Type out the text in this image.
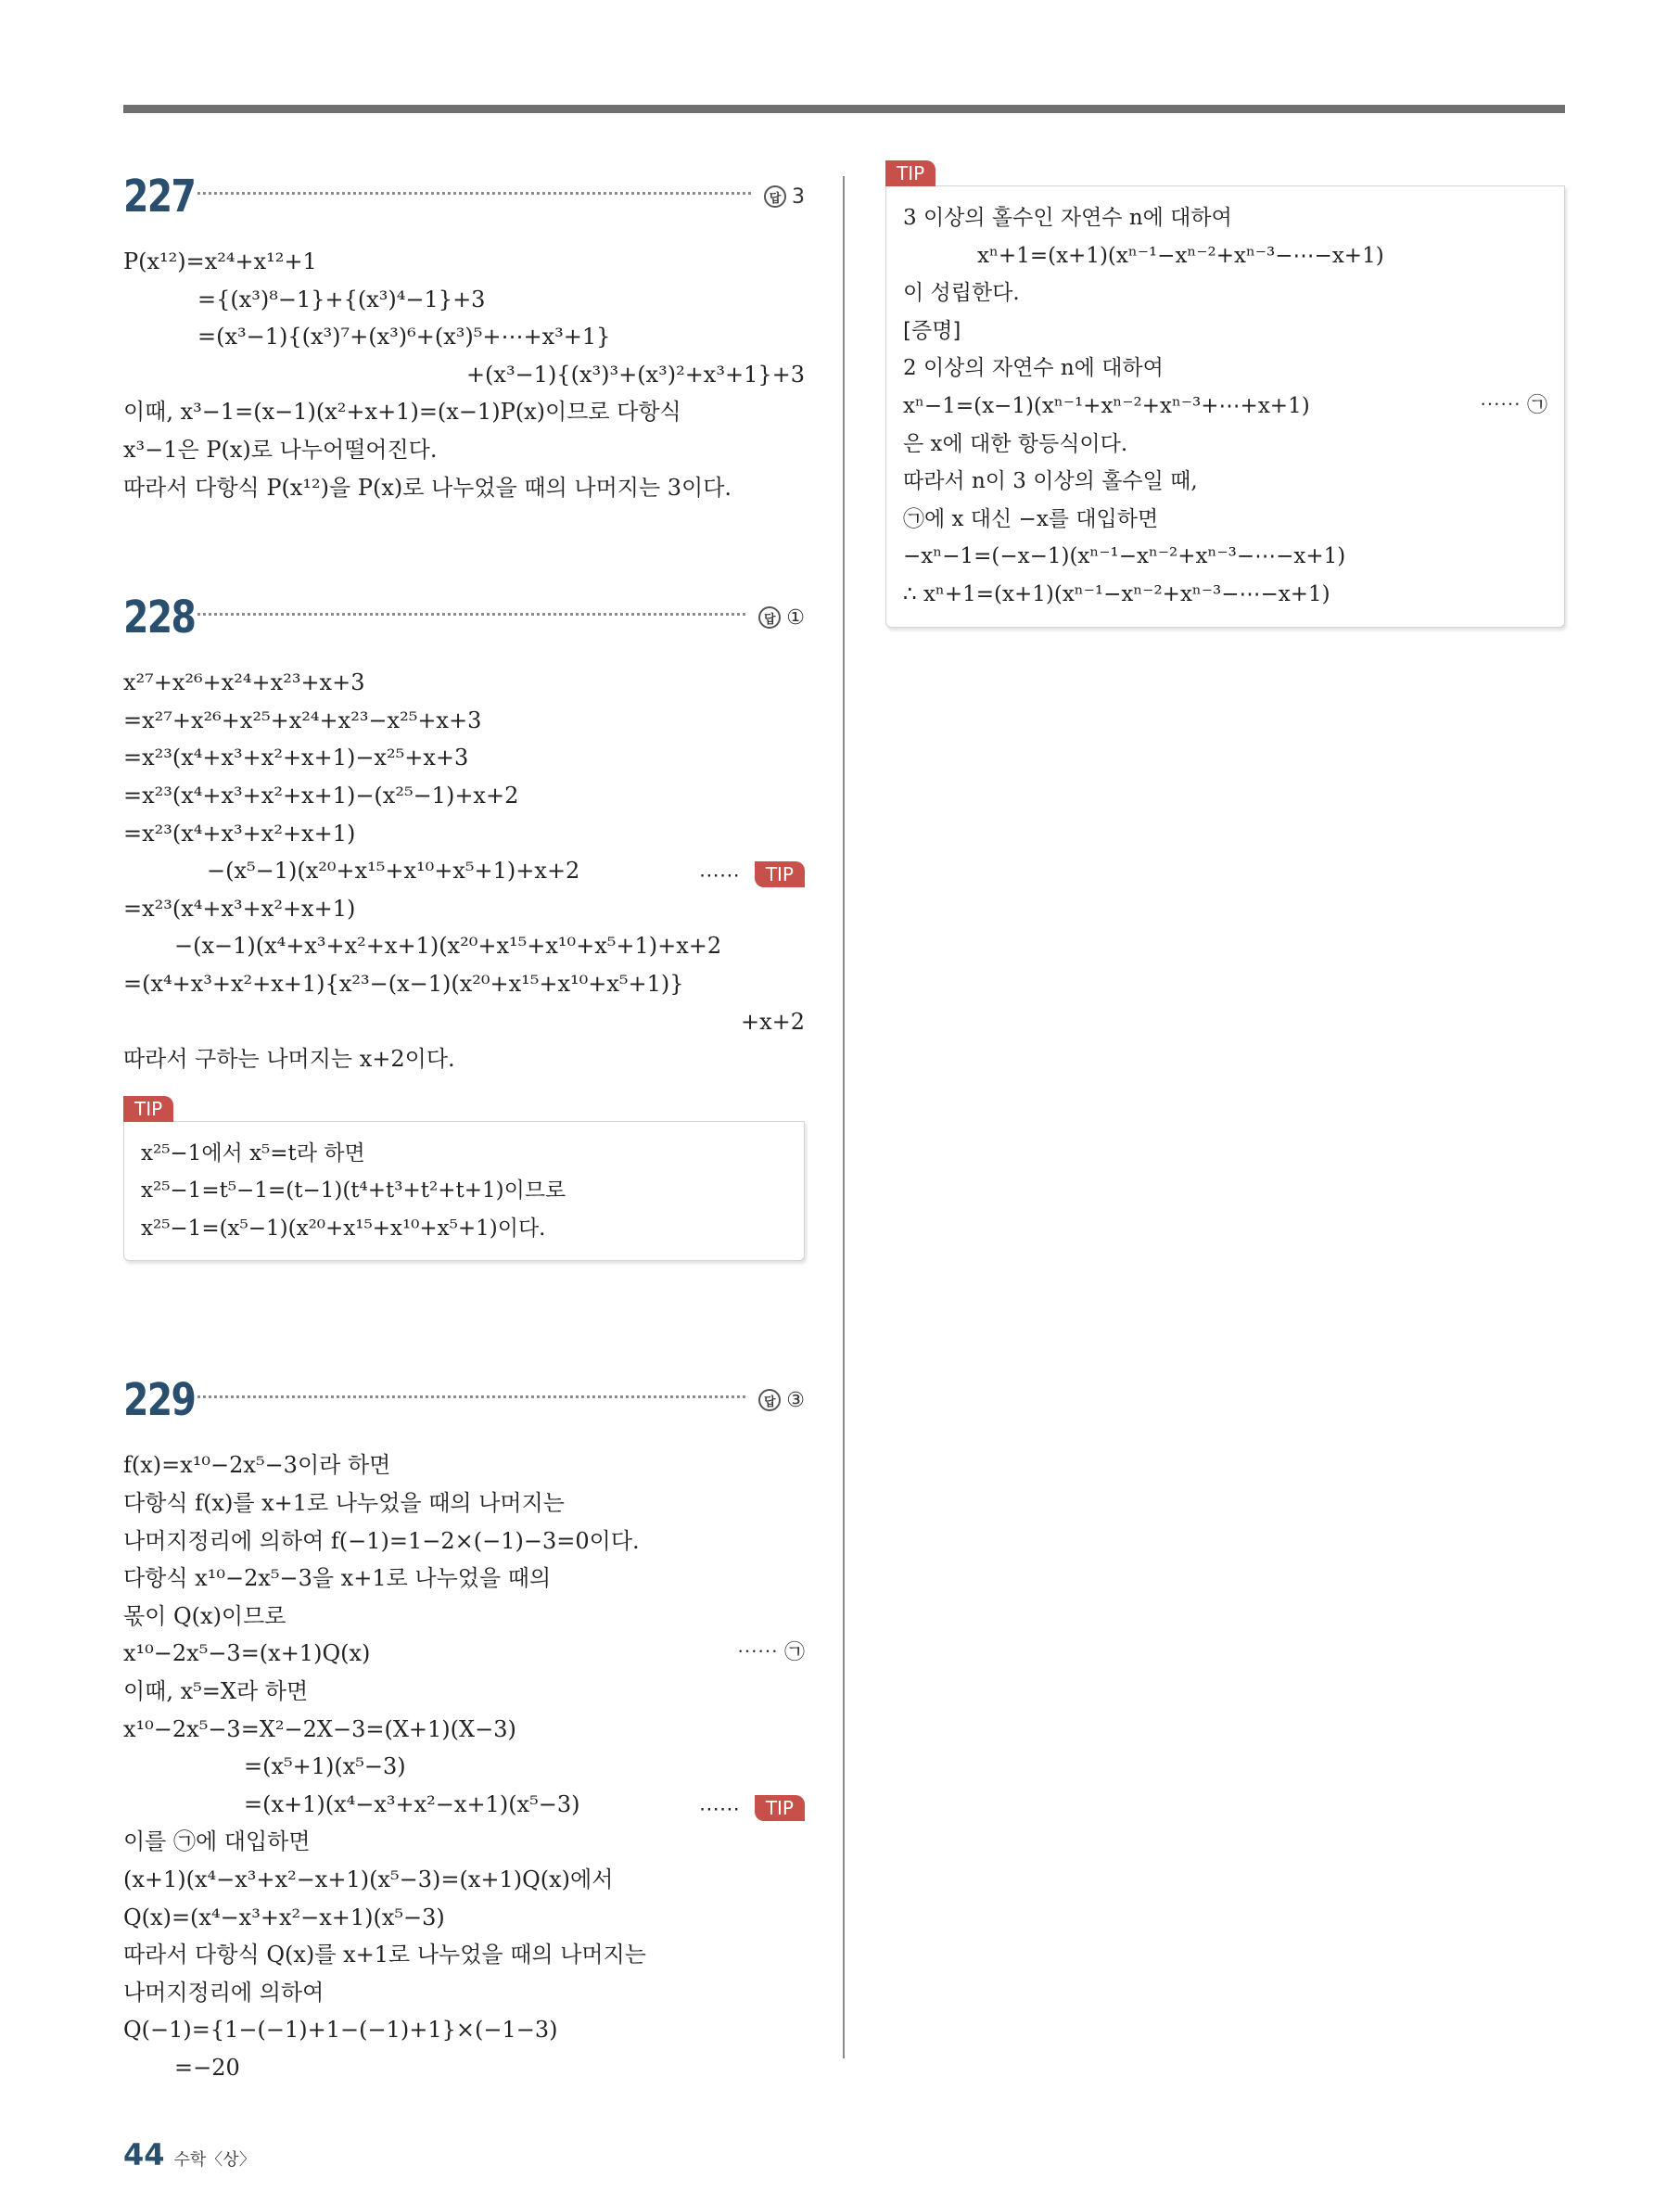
227	답 3
P(x¹²)=x²⁴+x¹²+1
={(x³)⁸−1}+{(x³)⁴−1}+3
=(x³−1){(x³)⁷+(x³)⁶+(x³)⁵+⋯+x³+1}
+(x³−1){(x³)³+(x³)²+x³+1}+3
이때, x³−1=(x−1)(x²+x+1)=(x−1)P(x)이므로 다항식
x³−1은 P(x)로 나누어떨어진다.
따라서 다항식 P(x¹²)을 P(x)로 나누었을 때의 나머지는 3이다.
228	답 ①
x²⁷+x²⁶+x²⁴+x²³+x+3
=x²⁷+x²⁶+x²⁵+x²⁴+x²³−x²⁵+x+3
=x²³(x⁴+x³+x²+x+1)−x²⁵+x+3
=x²³(x⁴+x³+x²+x+1)−(x²⁵−1)+x+2
=x²³(x⁴+x³+x²+x+1)
−(x⁵−1)(x²⁰+x¹⁵+x¹⁰+x⁵+1)+x+2	⋯⋯	TIP
=x²³(x⁴+x³+x²+x+1)
−(x−1)(x⁴+x³+x²+x+1)(x²⁰+x¹⁵+x¹⁰+x⁵+1)+x+2
=(x⁴+x³+x²+x+1){x²³−(x−1)(x²⁰+x¹⁵+x¹⁰+x⁵+1)}
+x+2
따라서 구하는 나머지는 x+2이다.
TIP
x²⁵−1에서 x⁵=t라 하면
x²⁵−1=t⁵−1=(t−1)(t⁴+t³+t²+t+1)이므로
x²⁵−1=(x⁵−1)(x²⁰+x¹⁵+x¹⁰+x⁵+1)이다.
229	답 ③
f(x)=x¹⁰−2x⁵−3이라 하면
다항식 f(x)를 x+1로 나누었을 때의 나머지는
나머지정리에 의하여 f(−1)=1−2×(−1)−3=0이다.
다항식 x¹⁰−2x⁵−3을 x+1로 나누었을 때의
몫이 Q(x)이므로
x¹⁰−2x⁵−3=(x+1)Q(x)	⋯⋯ ㉠
이때, x⁵=X라 하면
x¹⁰−2x⁵−3=X²−2X−3=(X+1)(X−3)
=(x⁵+1)(x⁵−3)
=(x+1)(x⁴−x³+x²−x+1)(x⁵−3)	⋯⋯	TIP
이를 ㉠에 대입하면
(x+1)(x⁴−x³+x²−x+1)(x⁵−3)=(x+1)Q(x)에서
Q(x)=(x⁴−x³+x²−x+1)(x⁵−3)
따라서 다항식 Q(x)를 x+1로 나누었을 때의 나머지는
나머지정리에 의하여
Q(−1)={1−(−1)+1−(−1)+1}×(−1−3)
=−20
TIP
3 이상의 홀수인 자연수 n에 대하여
xⁿ+1=(x+1)(xⁿ⁻¹−xⁿ⁻²+xⁿ⁻³−⋯−x+1)
이 성립한다.
[증명]
2 이상의 자연수 n에 대하여
xⁿ−1=(x−1)(xⁿ⁻¹+xⁿ⁻²+xⁿ⁻³+⋯+x+1)	⋯⋯ ㉠
은 x에 대한 항등식이다.
따라서 n이 3 이상의 홀수일 때,
㉠에 x 대신 −x를 대입하면
−xⁿ−1=(−x−1)(xⁿ⁻¹−xⁿ⁻²+xⁿ⁻³−⋯−x+1)
∴ xⁿ+1=(x+1)(xⁿ⁻¹−xⁿ⁻²+xⁿ⁻³−⋯−x+1)
44 수학〈상〉
